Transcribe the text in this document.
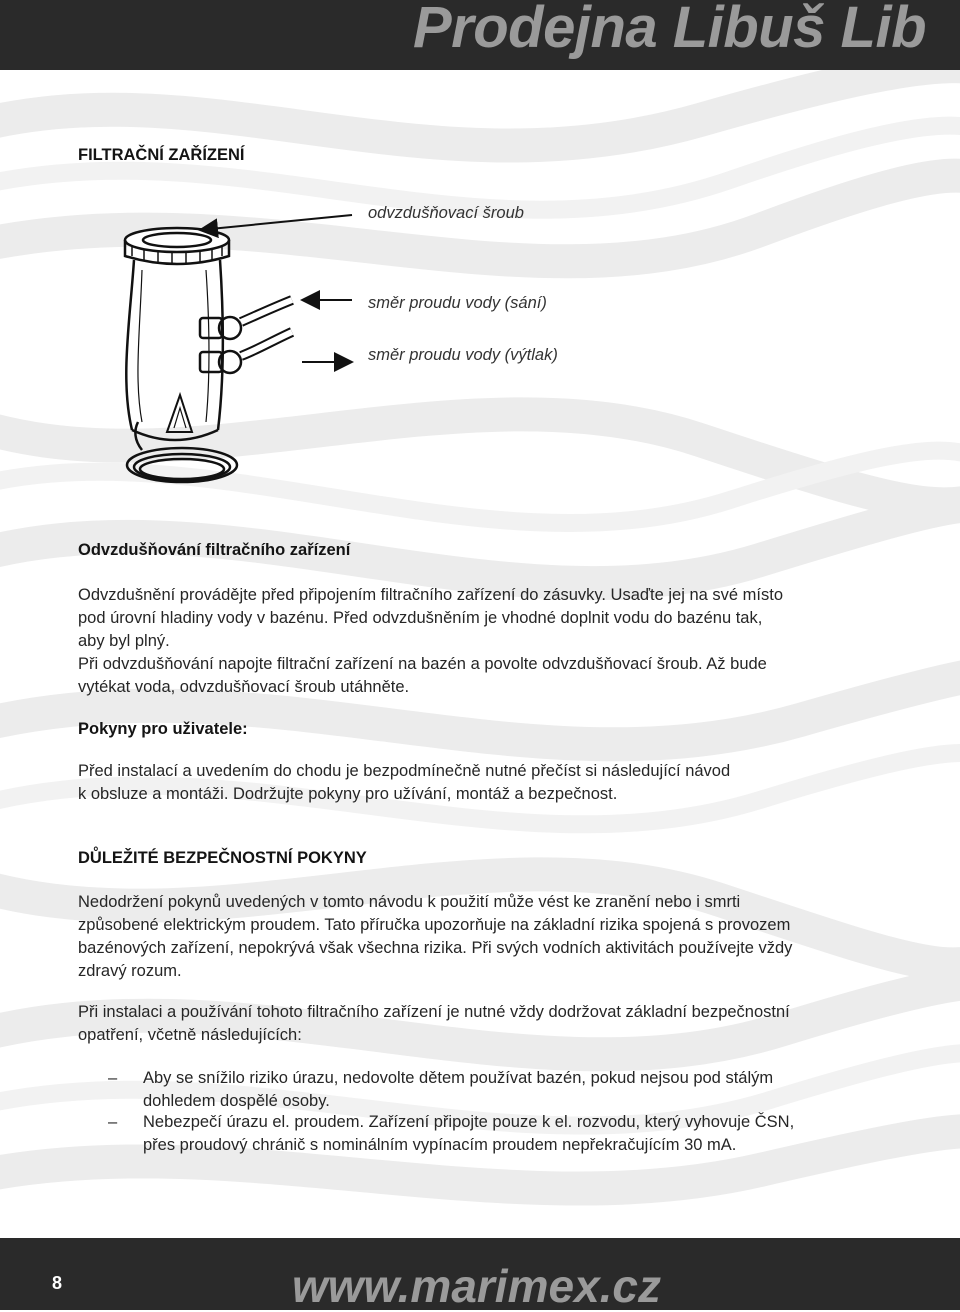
Prodejna Libuš Lib
FILTRAČNÍ ZAŘÍZENÍ
odvzdušňovací šroub
směr proudu vody (sání)
směr proudu vody (výtlak)
Odvzdušňování filtračního zařízení
Odvzdušnění provádějte před připojením filtračního zařízení do zásuvky. Usaďte jej na své místo
pod úrovní hladiny vody v bazénu. Před odvzdušněním je vhodné doplnit vodu do bazénu tak,
aby byl plný.
Při odvzdušňování napojte filtrační zařízení na bazén a povolte odvzdušňovací šroub. Až bude
vytékat voda, odvzdušňovací šroub utáhněte.
Pokyny pro uživatele:
Před instalací a uvedením do chodu je bezpodmínečně nutné přečíst si následující návod
k obsluze a montáži. Dodržujte pokyny pro užívání, montáž a bezpečnost.
DŮLEŽITÉ BEZPEČNOSTNÍ POKYNY
Nedodržení pokynů uvedených v tomto návodu k použití může vést ke zranění nebo i smrti
způsobené elektrickým proudem. Tato příručka upozorňuje na základní rizika spojená s provozem
bazénových zařízení, nepokrývá však všechna rizika. Při svých vodních aktivitách používejte vždy
zdravý rozum.
Při instalaci a používání tohoto filtračního zařízení je nutné vždy dodržovat základní bezpečnostní
opatření, včetně následujících:
– Aby se snížilo riziko úrazu, nedovolte dětem používat bazén, pokud nejsou pod stálým
dohledem dospělé osoby.
– Nebezpečí úrazu el. proudem. Zařízení připojte pouze k el. rozvodu, který vyhovuje ČSN,
přes proudový chránič s nominálním vypínacím proudem nepřekračujícím 30 mA.
8	www.marimex.cz
